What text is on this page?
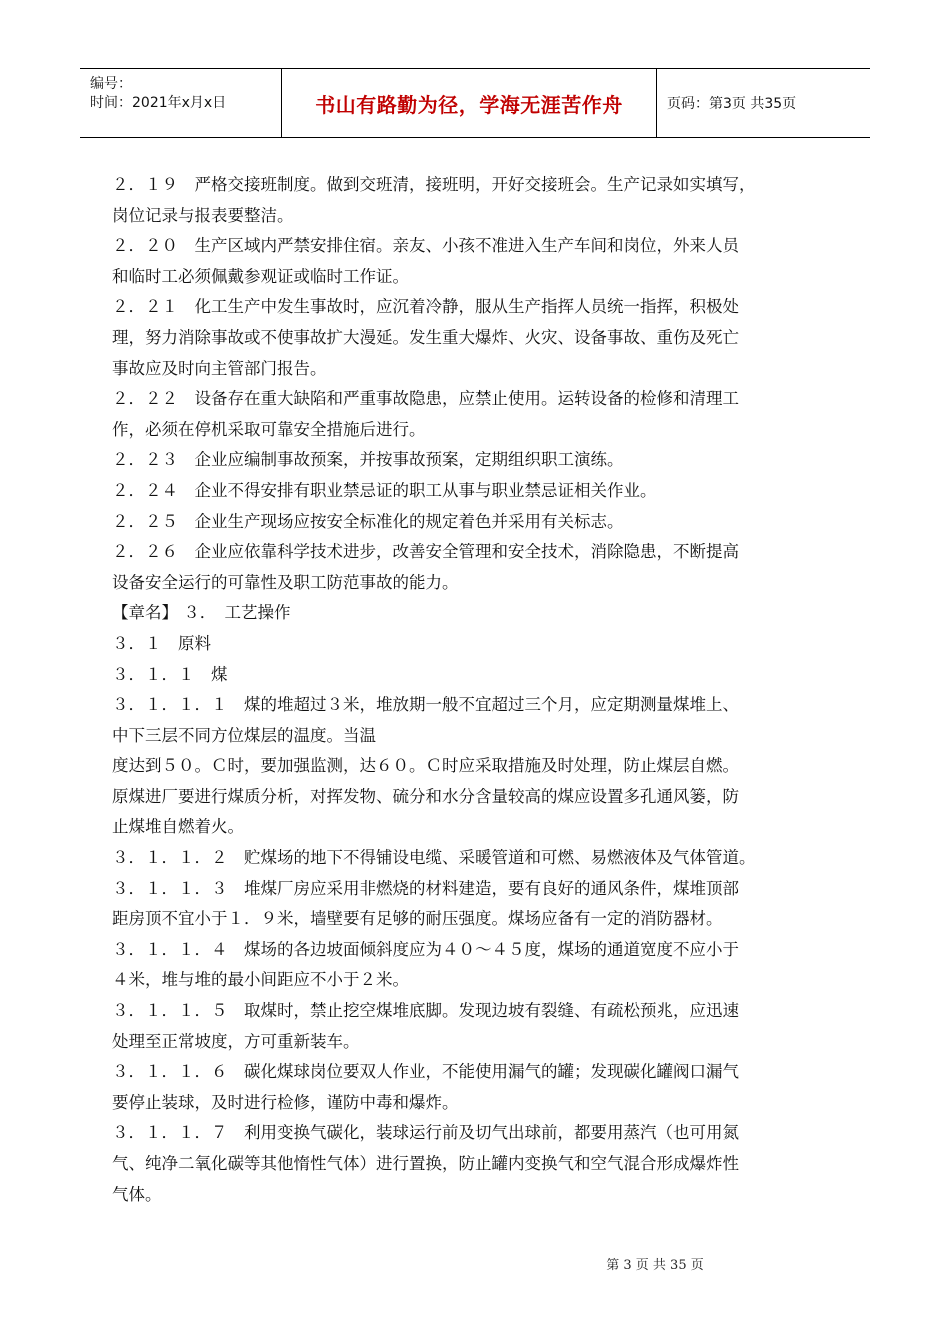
编号：
时间：2021年x月x日	书山有路勤为径，学海无涯苦作舟	页码：第3页 共35页
２．１９　严格交接班制度。做到交班清，接班明，开好交接班会。生产记录如实填写，
岗位记录与报表要整洁。
２．２０　生产区域内严禁安排住宿。亲友、小孩不准进入生产车间和岗位，外来人员
和临时工必须佩戴参观证或临时工作证。
２．２１　化工生产中发生事故时，应沉着冷静，服从生产指挥人员统一指挥，积极处
理，努力消除事故或不使事故扩大漫延。发生重大爆炸、火灾、设备事故、重伤及死亡
事故应及时向主管部门报告。
２．２２　设备存在重大缺陷和严重事故隐患，应禁止使用。运转设备的检修和清理工
作，必须在停机采取可靠安全措施后进行。
２．２３　企业应编制事故预案，并按事故预案，定期组织职工演练。
２．２４　企业不得安排有职业禁忌证的职工从事与职业禁忌证相关作业。
２．２５　企业生产现场应按安全标准化的规定着色并采用有关标志。
２．２６　企业应依靠科学技术进步，改善安全管理和安全技术，消除隐患，不断提高
设备安全运行的可靠性及职工防范事故的能力。
【章名】 ３．　工艺操作
３．１　原料
３．１．１　煤
３．１．１．１　煤的堆超过３米，堆放期一般不宜超过三个月，应定期测量煤堆上、
中下三层不同方位煤层的温度。当温
度达到５０。Ｃ时，要加强监测，达６０。Ｃ时应采取措施及时处理，防止煤层自燃。
原煤进厂要进行煤质分析，对挥发物、硫分和水分含量较高的煤应设置多孔通风篓，防
止煤堆自燃着火。
３．１．１．２　贮煤场的地下不得铺设电缆、采暖管道和可燃、易燃液体及气体管道。
３．１．１．３　堆煤厂房应采用非燃烧的材料建造，要有良好的通风条件，煤堆顶部
距房顶不宜小于１．９米，墙壁要有足够的耐压强度。煤场应备有一定的消防器材。
３．１．１．４　煤场的各边坡面倾斜度应为４０～４５度，煤场的通道宽度不应小于
４米，堆与堆的最小间距应不小于２米。
３．１．１．５　取煤时，禁止挖空煤堆底脚。发现边坡有裂缝、有疏松预兆，应迅速
处理至正常坡度，方可重新装车。
３．１．１．６　碳化煤球岗位要双人作业，不能使用漏气的罐；发现碳化罐阀口漏气
要停止装球，及时进行检修，谨防中毒和爆炸。
３．１．１．７　利用变换气碳化，装球运行前及切气出球前，都要用蒸汽（也可用氮
气、纯净二氧化碳等其他惰性气体）进行置换，防止罐内变换气和空气混合形成爆炸性
气体。
第 3 页 共 35 页
